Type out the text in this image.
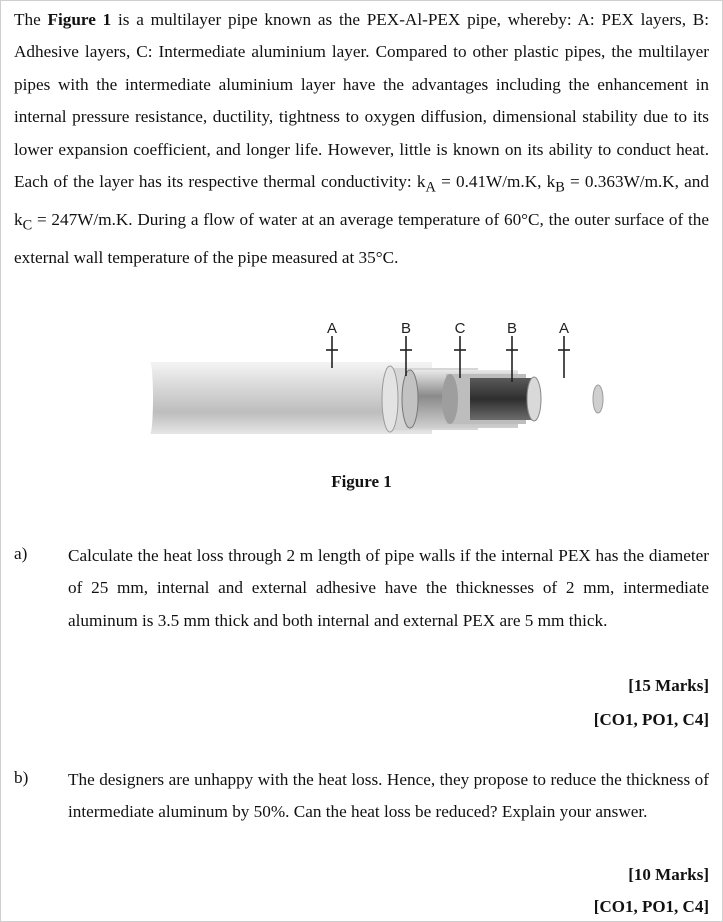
The Figure 1 is a multilayer pipe known as the PEX-Al-PEX pipe, whereby: A: PEX layers, B: Adhesive layers, C: Intermediate aluminium layer. Compared to other plastic pipes, the multilayer pipes with the intermediate aluminium layer have the advantages including the enhancement in internal pressure resistance, ductility, tightness to oxygen diffusion, dimensional stability due to its lower expansion coefficient, and longer life. However, little is known on its ability to conduct heat. Each of the layer has its respective thermal conductivity: $k_A = 0.41W/m.K$, $k_B = 0.363W/m.K$, and $k_C = 247W/m.K$. During a flow of water at an average temperature of 60°C, the outer surface of the external wall temperature of the pipe measured at 35°C.

A	B	C	B	A
Figure 1
a) Calculate the heat loss through 2 m length of pipe walls if the internal PEX has the diameter of 25 mm, internal and external adhesive have the thicknesses of 2 mm, intermediate aluminum is 3.5 mm thick and both internal and external PEX are 5 mm thick.

[15 Marks]
[CO1, PO1, C4]
b) The designers are unhappy with the heat loss. Hence, they propose to reduce the thickness of intermediate aluminum by 50%. Can the heat loss be reduced? Explain your answer.

[10 Marks]
[CO1, PO1, C4]
